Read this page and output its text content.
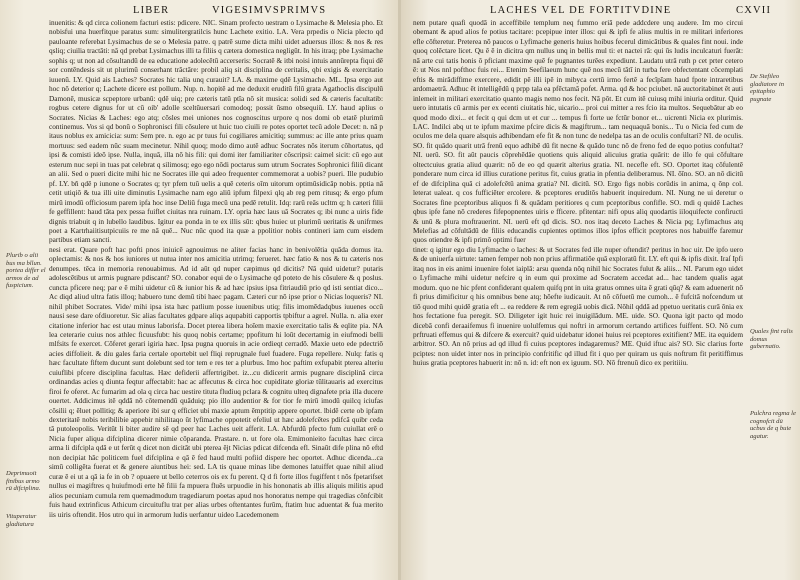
LIBER	VIGESIMVSPRIMVS

inuenitis: & qd circa colionem facturi estis: pdicere. NIC. Sinam profecto uestram o Lysimache & Melesia pho. Et nobisfui una huerfitque paratus sum: simulitergratilcis hunc Lachete exitio. LA. Vera prpedis o Nicia plecto qd pauloante referebat Lysimachus de se o Melesia patre. q patrē sume dicta mihi uidet aduersus illos: & nos & res qsliq; ciuilia tractāti: nā qd prebat Lysimachus illi ta filiis q cætera domestica negligūt. In his itraq; pbe Lysimache sophis q; ut non ad cōsultandū de ea educatione adolecētū accerseris: Socratē & itbi noisi intuis annūrepta fiqui dē sor contēndesis sit ut plurimū conserhant trāctāre: probil aliq sit disciplina de ceritalis, qbi exigis & exercitatio iuuenū. LY. Quid ais Laches? Socrates hic talia unq curauit? LA. & maxime qdē Lysimache. ML. Ipsa ergo aut hoc nō deterior q; Lachete dicere est pollum. Nup. n. hopitē ad me deduxit eruditū filū grata Agathoclis discipulū Damonē, musicæ scpeptore urbanū: qdē uiq; pre cæteris tatū ptīa nō sit musica: solidi sed & cæteris facultatib: rogbus cetere dignus for ut cū oib' adolle sceltūuersari comodoq; possit ūsmo obsequiū. LY. haud aplius o Socrates. Nicias & Laches: ego atq; cōsles mei uniones nos cognoscitus urpore q nos domi ob etatē plurimū continemus. Vos si qd bonū o Sophronisci fili cōsulere ut huic tuo ciuili re potes oportet tecū adole Decet: n. nā p itaus noblus ex amicicia: sum: Sem pre. n. ego ac pr tuus fui cogiliares amicitiq; summus: ac ille ante prius quam mortuus: sed eadem nūc suam mecinetur. Nihil quoq; modo dimo autē adhuc Socrates nōs iterum cōhortatus, qd ipsi & comisti ideō ipse. Nulla, inquā, illa nō his fili: qui domi iter familiariter cōscripsi: caimel sicit: cū ego aut esterum nuc sepi in tuas pat celebrat q silimosq; ego ego nōdi poctarus sum utrum Socrates Sophronici filiū dicant an alii. Sed o pueri dicite mihi hic ne Socrates ille qui adeo frequenter commemorat a uobis? pueri. Ille pudubio pf. LY. bñ qdē p iunone o Socrates q; tyr pfem tuū uelis a quē ceteris oīm uitorum optimūsidicāp nobis. pptia nā cetit utiqiō & tua illi uite diminutis Lysimache nam ego aliū ipfum filpexi qlq ab reg pem ritusq; & ergo pfum mirū imodū officiosum parem ipfa hoc inse Deliū fuga mecū una pedē retulit. Idq: rarū reās ucltm q; h cæteri filii fe geffillent: haud tāta pex pessa fuiflet ciuitas nra ruinam. LY. opria hæc laus uā Socrates q; ibi nunc a uiris fide dignis triabuit q in lubello laudibus. Igitur ea ponda in te ex illis sūt: qbus huiec ut plurimū ueritatis & unifrmes poet a Kartrhaiitisutpicuiis re me nā quē... Nuc nūc quod ita quæ a ppolitior nobis contineri iam cum eisdem partibus etiam sancti.

nesi erat. Quare poft hac pofti pnos iniuicē agnouimus ne aliter facias hanc in benivolētia quāda domus ita. oplectamis: & nos & hos iuniores ut nutua inter nos amicitia utrimq; ferueret. hæc fatio & nos & tu cæteris nos denumpes. tēca in memoria renouabimus. Ad id aūt qd nuper cæpimus qd dicitis? Nā quid uidetur? putaris adolescētibus ut armis pugnare pdiscant? SO. conabor equi de o Lysimache qd poteto de his cōsulere & q poslus. cuncta pficere neq; par e ē mihi uidetur cū & iunior his & ad hæc ipsius ipsa fitriaudiū prio qd isti sentiat dico... Ac diqd aliud ultra fatis illoq; habuero tunc demū tibi haec pagam. Cæteri cur nō ipse prior o Nicias loqueris? NI. nihil phibet Socrates. Vide/ mihi ipsa ista hæc patlium posse iuuenibus utiq; filis imomēdadqbus iuuenes occū nausi sese dare ofdiuoretur. Sic alias facultates gdpare aliqs aqupabiti capportis tpbiftur a agrel. Nulla. n. alia exer citatione inferior hac est utau minus laborisfa. Docet pterea libera hoīem maxie exercitatio talis & eqlite pia. NA lea ceterarie cuius nos athlec ficuusfubt: his quoq nobis certame; ppofitum hi loūt decertamig in eiufmodi belli mlfsits fe exercet. Cōferet gerari igiria hæc. Ipsa pugna quoruis in acie ordieqt cerradō. Maxie ueto ede pdectriō acies diffolieit. & diu gales faria certale oportebit uel fliqi reprugnale fuel fuadere. Fuga repellere. Nulq: fatis q hæc facultate fiftem ducunt sunt dolebunt sed tor tem e res ter a plurbus. Imo hoc paftim exfupabit pterea alteriu cuiuflibi pfcere disciplina facultas. Hæc defiderii affertrigibet. iz...cu didicerit armis pugnare disciplinā circa ordinandas acies q diunta feqtur affectabit: hac ac affecutus & circa hoc cupiditate gloriæ tūlitauaris ad exercitus firoi fe oferet. Ac fumarim ad ola q circa hac uestire tituta fludiuq pclara & cognitu ulteq dignafete pria illa ducere ouertet. Addicimus itē qddā nō cōtemendū quāduiq; pio illo audentior & for tior fe mirū imodū quilcq iciufas cōsilii q; ēluet pollitiq; & aperiore ibi sur q efficiet ubi maxie aptum ēmptitip appere oportet. lbidē certe ob ipfam dexteritatē nobis teribilibie appebir nihilitaqo ūt lyfimache oppotetit efeliul ut hæc adolefcētes pdifcā quibr ceda tā putoleopolis. Veritūt li biter audire sē qd peer hac Laches ueit afferit. LA. Abfurdū pfecto fum cuiullat erē o Nicia fuper aliqua difciplina dicerer nimie cōparanda. Prastare. n. ut fore ola. Emimonieito facultas hæc circa arma li difcipla qdā e ut ferūt q dicet non dicitāt ubi pterea ējt Nicias pdicat difcenda efl. Sinaūt dife plina nō eftd non decipiat hāc politicem fuel difciplina e qā ē fed haud multi pofiid dispere hec oportet. Adhuc dicenda...ca simū colligēta fuerat et & genere aiuntibus hei: sed. LA tis quaue minas libe demones latuiffet quae nihil aliud curæ ē ei ut a qā ia fe in ob ? opuaere ut bello ceterros ois ex fu perent. Q d fi forte illos fugiffent t nōs fpetarifset nullus ei magiftres q huiufmodi erte hē filii fa mpuera fluēs urpuodie in his hononatis ab illis aliquis militis apud alios pecuniam cumula rem quemadmodum tragediarum poetas apud nos honoratus nempe qui tragedias cōnfcibit fuis haud extrinficus Athicum circuituflu trat per alias urbes oftentantes furūm, ftatim huc aduentat & fua merito iis uiris oftendit. Hos utro qui in armorum ludis uerfantur uideo Lacedemonem

Plurib o alii bus ma bllun. portea differ el armos de ad fuspicium.
Deprimuoit finibus armo rū difciplina.
Vituperatur gladiatura
LACHES VEL DE FORTITVDINE	CXVII

nem putare quafi quodā in acceffibile templum neq fummo eriā pede addcdere unq audere. Im mo circui obemant & apud alios fe potius tacitare: pcepipue inter illos: qui & ipfi fe alius multis in re militari inferiores efle cōfteretur. Preterea nō paucos o Lyfimache generis huius hoibus fecerul dimicātibus & quales fint noui. inde quoq colēctare licet. Qu ē ē in dicitra qm nullus unq in bellis mul ti: et nactei rā: qui ūs ludis inculcaturi fuerāt: nā arte cui tatis honis ō pficiant maxime quē fe pugnantes turēes expediunt. Laudatu utrā ruth p cet prter cetero ē: ut Nos nnl pofthoc fuis rei... Etenim Seefilaeum hunc quē nos mecū tātī in turba fere obfectentant cōcemplati eftis & mirādiffime exercere, edidit pē illi ipē in mibyca certū irmo fertē a fecīpīam haud fpote intraretibus ardomaetrā. Adhuc ēt intelligēdū q prpp tala ea pfēctamā pofet. Arma. qd & hoc pciubet. nā auctoritabinet ēt auti inlemeit in militari exercitatio quanto magis nemo nos fecit. Nā pōt. Et cum itē cuiusq mihi iniuria orditur. Quid uero intutatis cū armis per ex ecenti ciuitatis hic, uicario... proi cui mitter a res fcio ita multos. Sequebātur ab eo quod modo dixi... et fecit q qui dcm ut et cur ... tempus fi forte ue fctūr bonor et... uicrenti Nicia ex plurimis. LAC. Indilci abq ut te ipfum maxime pfcire dicis & magiftrum... tam nequaquā bonis... Tu o Nicia fed cum de oculos me dela quare alsquis adhibendam efe fit & non tunc de nedelpa tas an de oculis confultari? NI. de oculis. SO. fit quādo quarit utrā frenū equo adhibē dū fit necne & quādo tunc nō de freno fed de equo potius confultat? NI. uerū. SO. fit aūt paucis cōprehēdāe quotiens quis aliquid alicuius gratia quārit: de illo fe qui cōfultare oltectcuius gratia aliud quærit: nō de eo qd quærit alterius gratia. NI. necefle eft. SO. Oportet itaq cōfulentē ponderare num circa id illius curatione peritus fit, cuius gratia in pfentia deliberamus. NI. ōīno. SO. an nō dicitū ef de difciplina quā ci adolefcētū anima gratia? NI. dicitū. SO. Ergo figs nobis corūdis in anima, q ōnp col. leterat ualeat. q cos fufficiēter ercolere. & pceptores eruditōs habuerit inquiredum. NI. Nung ne ui deretur o Socrates fine pceptoribus aliquos fi & quādam peritiores q cum pceptoribus confifle. SO. mdi q quidē Laches qbus ipfe fane nō crederes fifepopnentes uiris e fficere. pfitentar: nifi opus aliq quodartis iiloquifecte confiructi & unū & plura moftrauerint. NI. uerū eft qd dicis. SO. nos itaq deceto Laches & Nicia pq; Lyfimachus atq Melefias ad cōfultādū de filiis educandis cupientes optimos illos ipfos efficit pceptores nos habuiffe faremur quos otiendre & ipfi primō optimi fuer

tinet: q igitur ego diu Lyfimache o laches: & ut Socrates fed ille nuper oftendit? peritus in hoc uir. De ipfo uero & de uniuerfa uirtute: tamen femper nob non prius affirmatiōe quā exploratū fit. LY. eft qui & ipfis dixit. Iraſ Ipfi itaq nos in eis animi inuenire folet iaiplā: arsu quenda nōq nihil hic Socrates fulut & aliis... NI. Parum ego uidet o Lyfimache mihi uidetur nefcire q in eum qui proxime ad Socratem accedat ad... hac tandem qualis agat modum. quo ne hic pfent confiderant qualem quifq pnt in uita gratus omnes uita ē grati qūq? & eam aduenerit nō fi prius dimificitur q his omnibus bene atq; hōefte iudicauit. At nō cōfuetū me cumoh... ē fufcitā nofcendum ut tiō quod mihi quidē gratia eft ... ea reddere & rem egregiā uobis dicā. Nōhil qddā ad ppetuo ueritatis curā ōnia ex hos fectatione fua peregit. SO. Diligeter igit huic rei inuigilādum. ME. uide. SO. Quona igit pacto qd modo dicebā confi deraaifemus fi inuenire uolulfemus qui noftri in armorum certando artifices fuiffent. SO. Nō cum prftruati effemus qui & difcere & exercuit? quid uidebatur idonei huius rei pceptores exitifient? ME. ita equidem arbitror. SO. An nō prius ad qd illud fi cuius pceptores indagaremus? ME. Quid iftuc ais? SO. Sic clarius forte pciptes: non uidet inter nos in principio confritific qd illud fit i quo per quiram us quis noftrum fit peritiffimus huius gratia pceptores habuerit in: nō n. id: eft non ex iguum. SO. Nō ftrenuū dico ex peritiiiu.

De Stefileo gladiatore in epitaphio pugnate
Quales fint ralis domus gubernatio.
Pulchra regma le cognofcit dū ucbus de q buie agatur.
